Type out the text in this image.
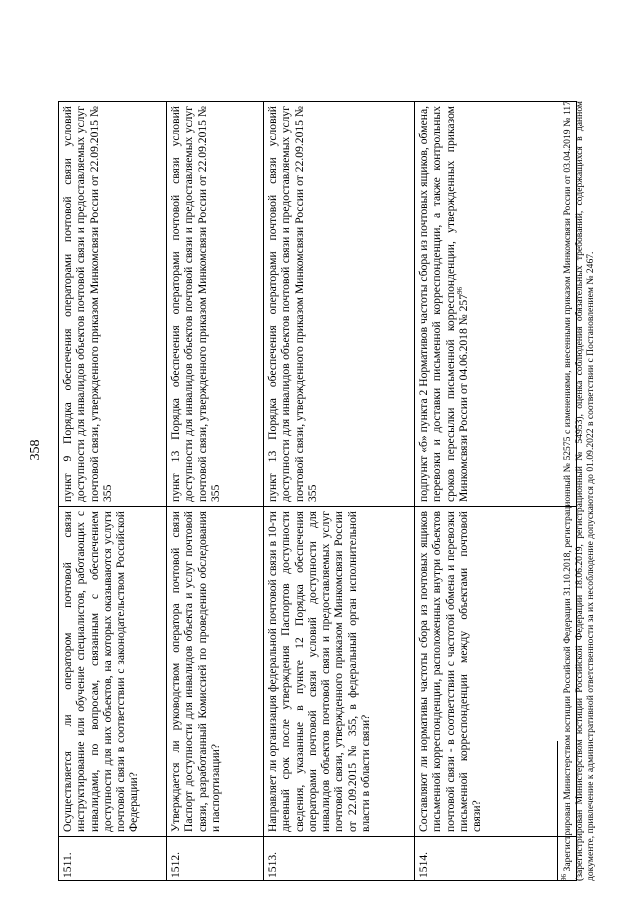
358
1511.
Осуществляется ли оператором почтовой связи инструктирование или обучение специалистов, работающих с инвалидами, по вопросам, связанным с обеспечением доступности для них объектов, на которых оказываются услуги почтовой связи в соответствии с законодательством Российской Федерации?
пункт 9 Порядка обеспечения операторами почтовой связи условий доступности для инвалидов объектов почтовой связи и предоставляемых услуг почтовой связи, утвержденного приказом Минкомсвязи России от 22.09.2015 № 355
1512.
Утверждается ли руководством оператора почтовой связи Паспорт доступности для инвалидов объекта и услуг почтовой связи, разработанный Комиссией по проведению обследования и паспортизации?
пункт 13 Порядка обеспечения операторами почтовой связи условий доступности для инвалидов объектов почтовой связи и предоставляемых услуг почтовой связи, утвержденного приказом Минкомсвязи России от 22.09.2015 № 355
1513.
Направляет ли организация федеральной почтовой связи в 10-ти дневный срок после утверждения Паспортов доступности сведения, указанные в пункте 12 Порядка обеспечения операторами почтовой связи условий доступности для инвалидов объектов почтовой связи и предоставляемых услуг почтовой связи, утвержденного приказом Минкомсвязи России от 22.09.2015 № 355, в федеральный орган исполнительной власти в области связи?
пункт 13 Порядка обеспечения операторами почтовой связи условий доступности для инвалидов объектов почтовой связи и предоставляемых услуг почтовой связи, утвержденного приказом Минкомсвязи России от 22.09.2015 № 355
1514.
Составляют ли нормативы частоты сбора из почтовых ящиков письменной корреспонденции, расположенных внутри объектов почтовой связи - в соответствии с частотой обмена и перевозки письменной корреспонденции между объектами почтовой связи?
подпункт «б» пункта 2 Нормативов частоты сбора из почтовых ящиков, обмена, перевозки и доставки письменной корреспонденции, а также контрольных сроков пересылки письменной корреспонденции, утвержденных приказом Минкомсвязи России от 04.06.2018 № $257^{96}$
$^{96}$ Зарегистрирован Министерством юстиции Российской Федерации 31.10.2018, регистрационный № 52575 с изменениями, внесенными приказом Минкомсвязи России от 03.04.2019 № 117 (зарегистрирован Министерством юстиции Российской Федерации 18.06.2019, регистрационный № 54953), оценка соблюдения обязательных требований, содержащихся в данном документе, привлечение к административной ответственности за их несоблюдение допускаются до 01.09.2022 в соответствии с Постановлением № 2467.
